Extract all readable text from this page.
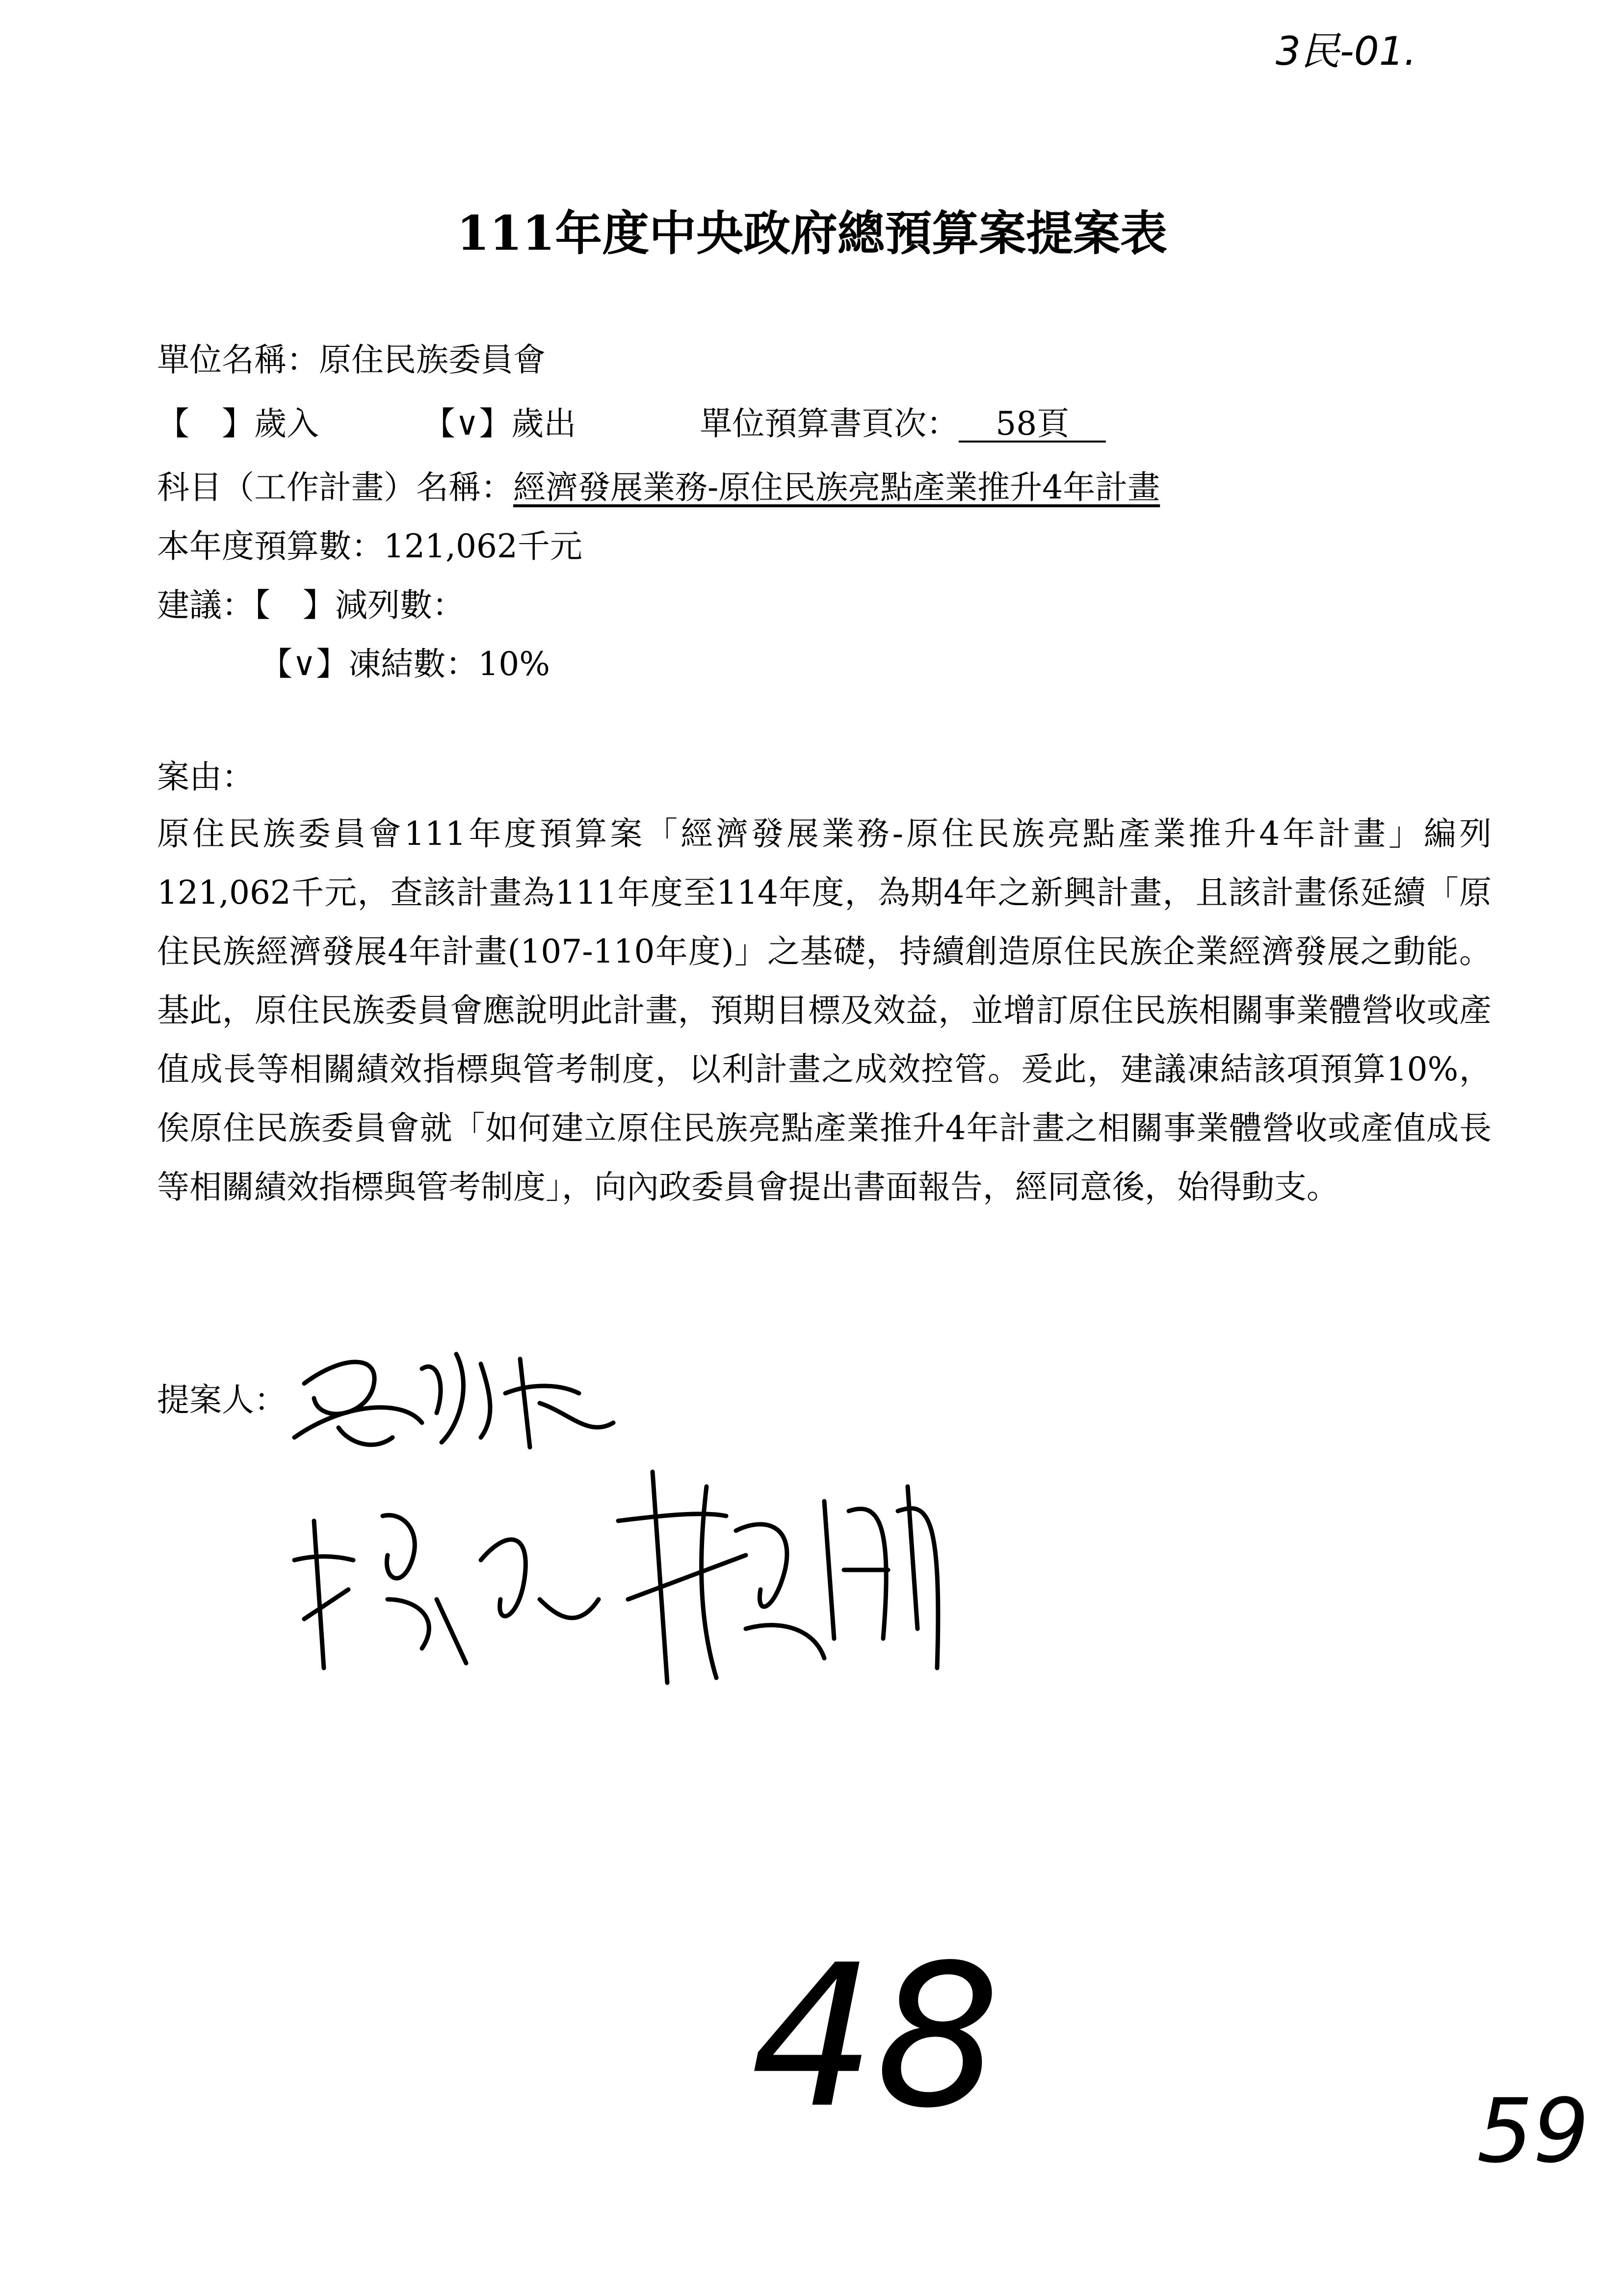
3民-01.
111年度中央政府總預算案提案表
單位名稱：原住民族委員會
【　】歲入	【∨】歲出	單位預算書頁次： 58頁
科目（工作計畫）名稱：經濟發展業務-原住民族亮點產業推升4年計畫
本年度預算數：121,062千元
建議：【　】減列數：
【∨】凍結數：10%
案由：
原住民族委員會111年度預算案「經濟發展業務-原住民族亮點產業推升4年計畫」編列121,062千元，查該計畫為111年度至114年度，為期4年之新興計畫，且該計畫係延續「原住民族經濟發展4年計畫(107-110年度)」之基礎，持續創造原住民族企業經濟發展之動能。基此，原住民族委員會應說明此計畫，預期目標及效益，並增訂原住民族相關事業體營收或產值成長等相關績效指標與管考制度，以利計畫之成效控管。爰此，建議凍結該項預算10%，俟原住民族委員會就「如何建立原住民族亮點產業推升4年計畫之相關事業體營收或產值成長等相關績效指標與管考制度」，向內政委員會提出書面報告，經同意後，始得動支。
提案人：
48	59
